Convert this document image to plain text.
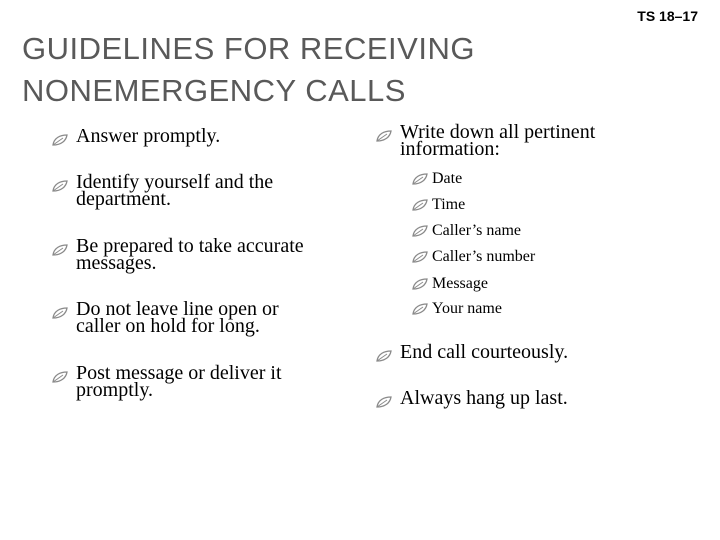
TS 18–17
GUIDELINES FOR RECEIVING
NONEMERGENCY CALLS
Answer promptly.
Identify yourself and the
department.
Be prepared to take accurate
messages.
Do not leave line open or
caller on hold for long.
Post message or deliver it
promptly.
Write down all pertinent
information:
Date
Time
Caller’s name
Caller’s number
Message
Your name
End call courteously.
Always hang up last.
